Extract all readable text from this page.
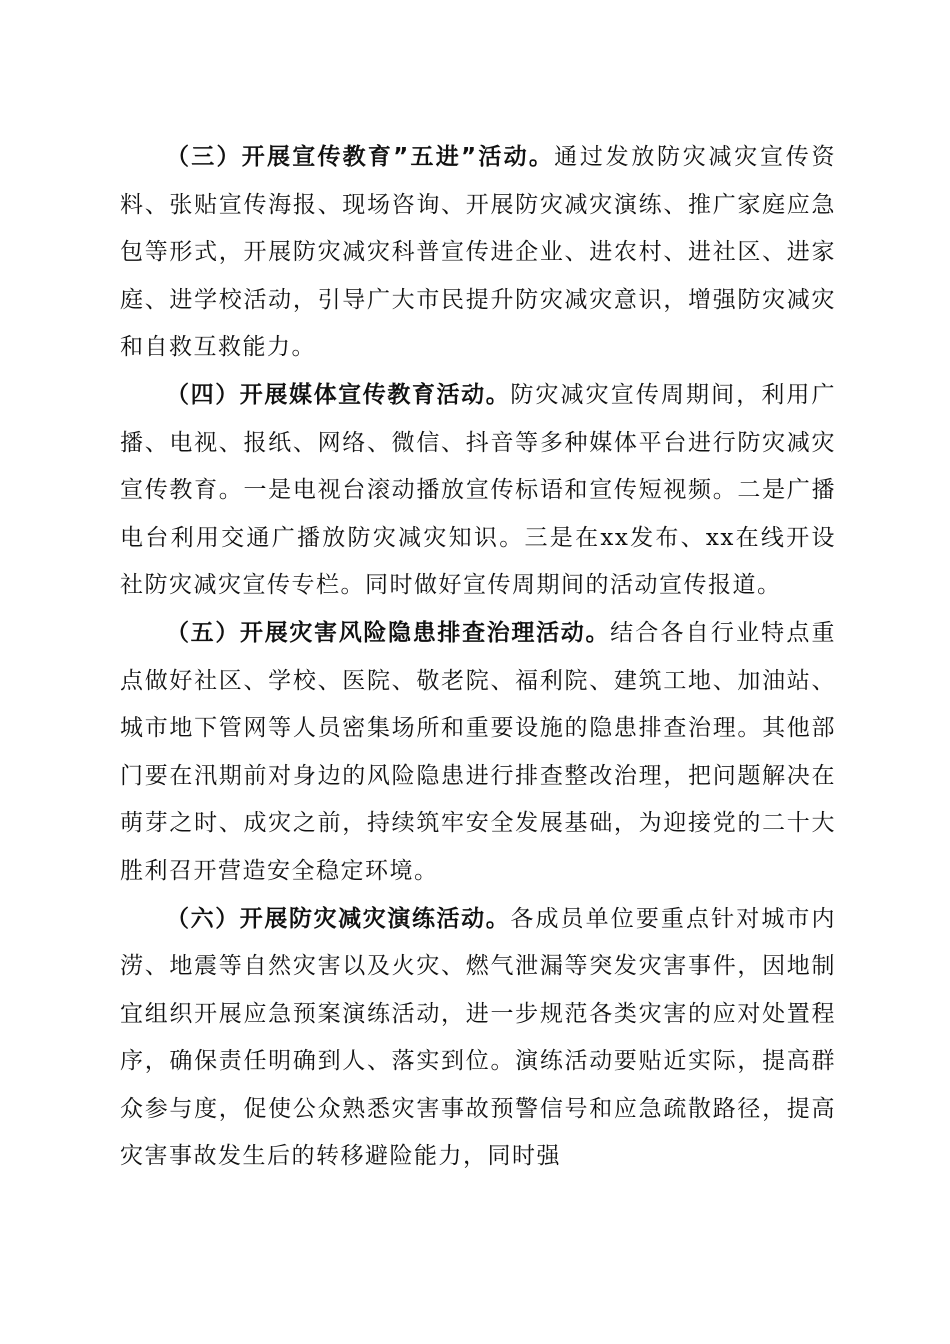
（三）开展宣传教育”五进”活动。通过发放防灾减灾宣传资料、张贴宣传海报、现场咨询、开展防灾减灾演练、推广家庭应急包等形式，开展防灾减灾科普宣传进企业、进农村、进社区、进家庭、进学校活动，引导广大市民提升防灾减灾意识，增强防灾减灾和自救互救能力。

（四）开展媒体宣传教育活动。防灾减灾宣传周期间，利用广播、电视、报纸、网络、微信、抖音等多种媒体平台进行防灾减灾宣传教育。一是电视台滚动播放宣传标语和宣传短视频。二是广播电台利用交通广播放防灾减灾知识。三是在xx发布、xx在线开设社防灾减灾宣传专栏。同时做好宣传周期间的活动宣传报道。

（五）开展灾害风险隐患排查治理活动。结合各自行业特点重点做好社区、学校、医院、敬老院、福利院、建筑工地、加油站、城市地下管网等人员密集场所和重要设施的隐患排查治理。其他部门要在汛期前对身边的风险隐患进行排查整改治理，把问题解决在萌芽之时、成灾之前，持续筑牢安全发展基础，为迎接党的二十大胜利召开营造安全稳定环境。

（六）开展防灾减灾演练活动。各成员单位要重点针对城市内涝、地震等自然灾害以及火灾、燃气泄漏等突发灾害事件，因地制宜组织开展应急预案演练活动，进一步规范各类灾害的应对处置程序，确保责任明确到人、落实到位。演练活动要贴近实际，提高群众参与度，促使公众熟悉灾害事故预警信号和应急疏散路径，提高灾害事故发生后的转移避险能力，同时强
